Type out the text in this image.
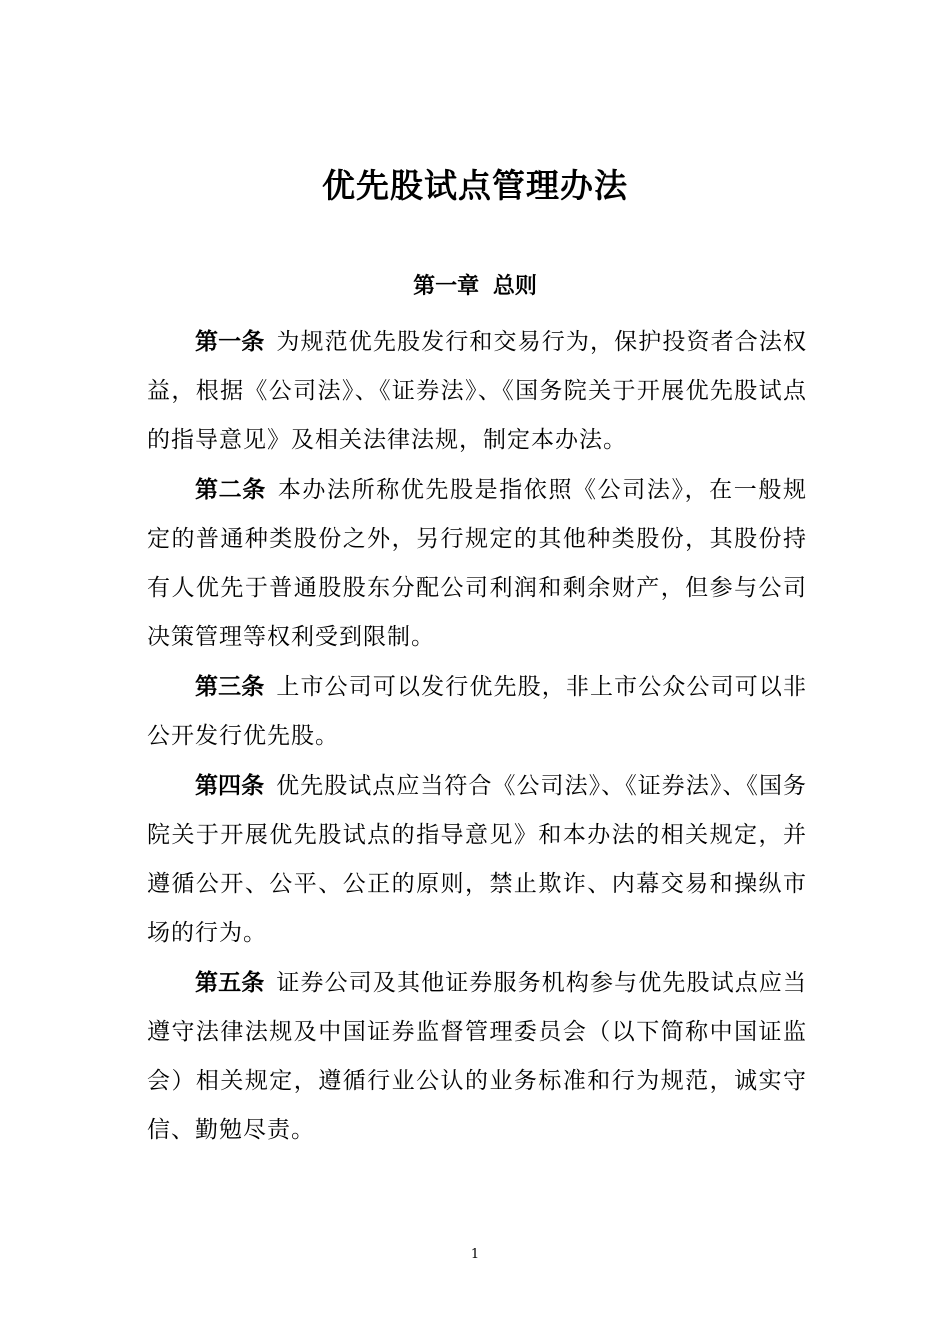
优先股试点管理办法
第一章 总则

第一条 为规范优先股发行和交易行为，保护投资者合法权益，根据《公司法》、《证券法》、《国务院关于开展优先股试点的指导意见》及相关法律法规，制定本办法。

第二条 本办法所称优先股是指依照《公司法》，在一般规定的普通种类股份之外，另行规定的其他种类股份，其股份持有人优先于普通股股东分配公司利润和剩余财产，但参与公司决策管理等权利受到限制。

第三条 上市公司可以发行优先股，非上市公众公司可以非公开发行优先股。

第四条 优先股试点应当符合《公司法》、《证券法》、《国务院关于开展优先股试点的指导意见》和本办法的相关规定，并遵循公开、公平、公正的原则，禁止欺诈、内幕交易和操纵市场的行为。

第五条 证券公司及其他证券服务机构参与优先股试点应当遵守法律法规及中国证券监督管理委员会（以下简称中国证监会）相关规定，遵循行业公认的业务标准和行为规范，诚实守信、勤勉尽责。

1
